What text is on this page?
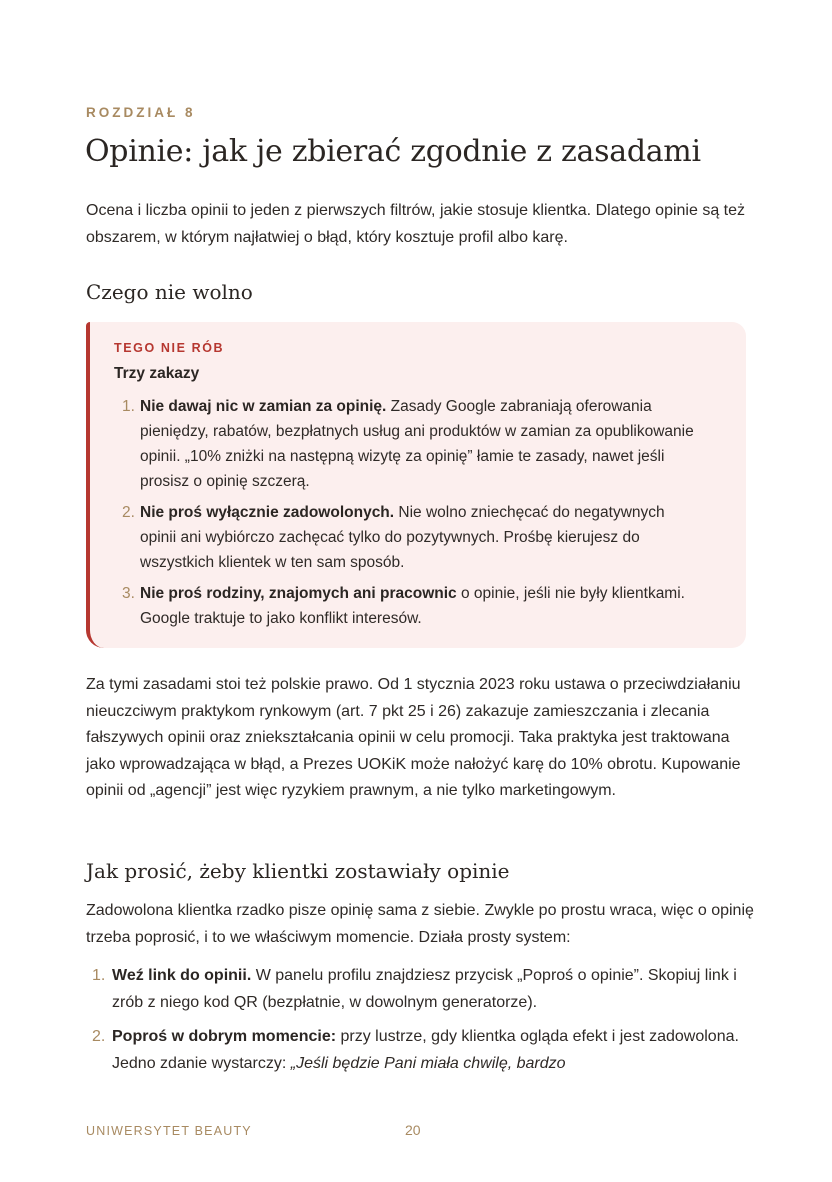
ROZDZIAŁ 8
Opinie: jak je zbierać zgodnie z zasadami

Ocena i liczba opinii to jeden z pierwszych filtrów, jakie stosuje klientka. Dlatego opinie są też obszarem, w którym najłatwiej o błąd, który kosztuje profil albo karę.

Czego nie wolno
TEGO NIE RÓB
Trzy zakazy
1. Nie dawaj nic w zamian za opinię. Zasady Google zabraniają oferowania pieniędzy, rabatów, bezpłatnych usług ani produktów w zamian za opublikowanie opinii. „10% zniżki na następną wizytę za opinię” łamie te zasady, nawet jeśli prosisz o opinię szczerą.
2. Nie proś wyłącznie zadowolonych. Nie wolno zniechęcać do negatywnych opinii ani wybiórczo zachęcać tylko do pozytywnych. Prośbę kierujesz do wszystkich klientek w ten sam sposób.
3. Nie proś rodziny, znajomych ani pracownic o opinie, jeśli nie były klientkami. Google traktuje to jako konflikt interesów.

Za tymi zasadami stoi też polskie prawo. Od 1 stycznia 2023 roku ustawa o przeciwdziałaniu nieuczciwym praktykom rynkowym (art. 7 pkt 25 i 26) zakazuje zamieszczania i zlecania fałszywych opinii oraz zniekształcania opinii w celu promocji. Taka praktyka jest traktowana jako wprowadzająca w błąd, a Prezes UOKiK może nałożyć karę do 10% obrotu. Kupowanie opinii od „agencji” jest więc ryzykiem prawnym, a nie tylko marketingowym.

Jak prosić, żeby klientki zostawiały opinie

Zadowolona klientka rzadko pisze opinię sama z siebie. Zwykle po prostu wraca, więc o opinię trzeba poprosić, i to we właściwym momencie. Działa prosty system:

1. Weź link do opinii. W panelu profilu znajdziesz przycisk „Poproś o opinie”. Skopiuj link i zrób z niego kod QR (bezpłatnie, w dowolnym generatorze).
2. Poproś w dobrym momencie: przy lustrze, gdy klientka ogląda efekt i jest zadowolona. Jedno zdanie wystarczy: „Jeśli będzie Pani miała chwilę, bardzo
UNIWERSYTET BEAUTY	20
